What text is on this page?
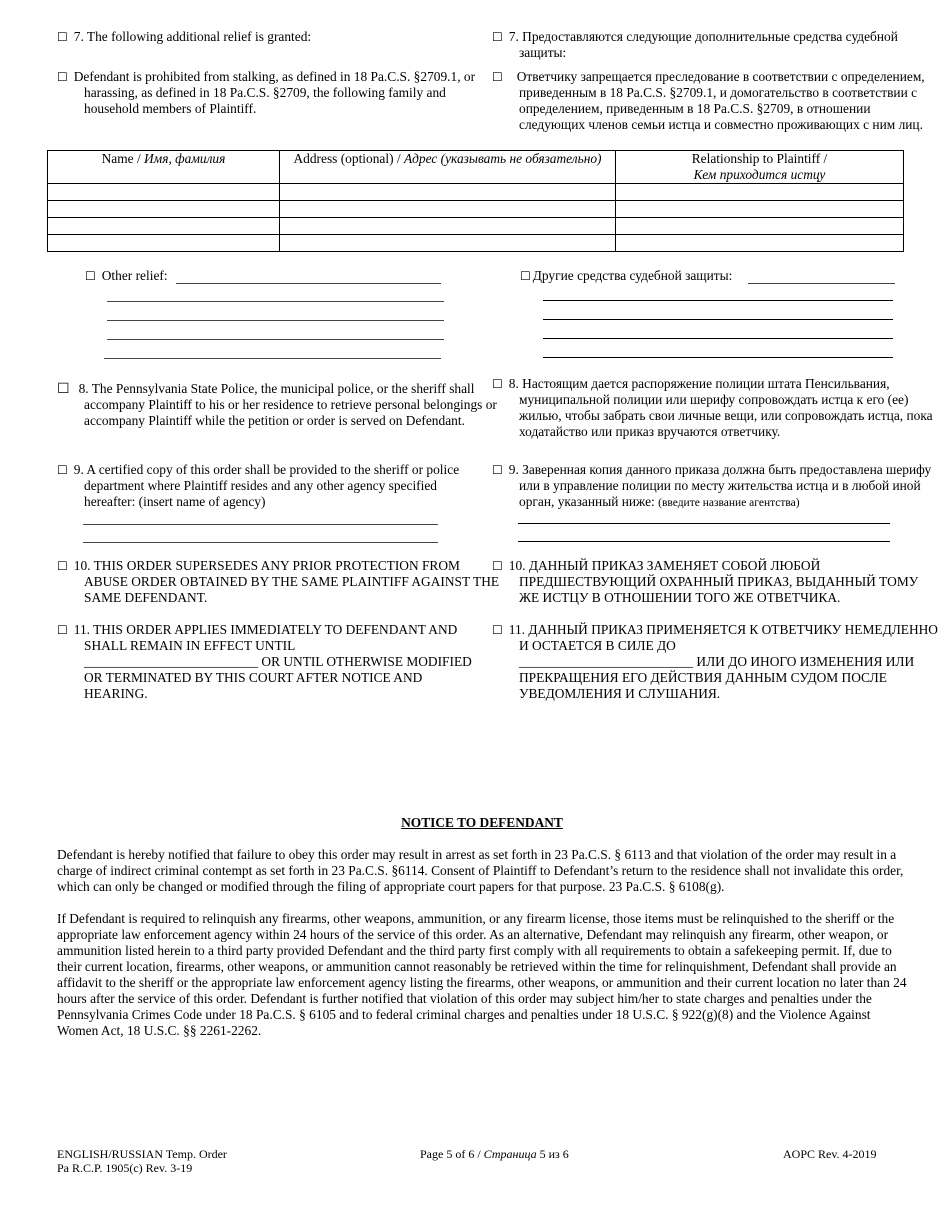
☐ 7. The following additional relief is granted:	☐ 7. Предоставляются следующие дополнительные средства судебной защиты:
☐ Defendant is prohibited from stalking, as defined in 18 Pa.C.S. §2709.1, or harassing, as defined in 18 Pa.C.S. §2709, the following family and household members of Plaintiff.
☐ Ответчику запрещается преследование в соответствии с определением, приведенным в 18 Pa.C.S. §2709.1, и домогательство в соответствии с определением, приведенным в 18 Pa.C.S. §2709, в отношении следующих членов семьи истца и совместно проживающих с ним лиц.
Name / Имя, фамилия	Address (optional) / Адрес (указывать не обязательно)	Relationship to Plaintiff /
Кем приходится истцу

☐ Other relief:	☐ Другие средства судебной защиты:
☐ 8. The Pennsylvania State Police, the municipal police, or the sheriff shall accompany Plaintiff to his or her residence to retrieve personal belongings or accompany Plaintiff while the petition or order is served on Defendant.
☐ 8. Настоящим дается распоряжение полиции штата Пенсильвания, муниципальной полиции или шерифу сопровождать истца к его (ее) жилью, чтобы забрать свои личные вещи, или сопровождать истца, пока ходатайство или приказ вручаются ответчику.
☐ 9. A certified copy of this order shall be provided to the sheriff or police department where Plaintiff resides and any other agency specified hereafter: (insert name of agency)
☐ 9. Заверенная копия данного приказа должна быть предоставлена шерифу или в управление полиции по месту жительства истца и в любой иной орган, указанный ниже: (введите название агентства)
☐ 10. THIS ORDER SUPERSEDES ANY PRIOR PROTECTION FROM ABUSE ORDER OBTAINED BY THE SAME PLAINTIFF AGAINST THE SAME DEFENDANT.
☐ 10. ДАННЫЙ ПРИКАЗ ЗАМЕНЯЕТ СОБОЙ ЛЮБОЙ ПРЕДШЕСТВУЮЩИЙ ОХРАННЫЙ ПРИКАЗ, ВЫДАННЫЙ ТОМУ ЖЕ ИСТЦУ В ОТНОШЕНИИ ТОГО ЖЕ ОТВЕТЧИКА.
☐ 11. THIS ORDER APPLIES IMMEDIATELY TO DEFENDANT AND SHALL REMAIN IN EFFECT UNTIL
__________________________ OR UNTIL OTHERWISE MODIFIED OR TERMINATED BY THIS COURT AFTER NOTICE AND HEARING.
☐ 11. ДАННЫЙ ПРИКАЗ ПРИМЕНЯЕТСЯ К ОТВЕТЧИКУ НЕМЕДЛЕННО И ОСТАЕТСЯ В СИЛЕ ДО
__________________________ ИЛИ ДО ИНОГО ИЗМЕНЕНИЯ ИЛИ ПРЕКРАЩЕНИЯ ЕГО ДЕЙСТВИЯ ДАННЫМ СУДОМ ПОСЛЕ УВЕДОМЛЕНИЯ И СЛУШАНИЯ.
NOTICE TO DEFENDANT
Defendant is hereby notified that failure to obey this order may result in arrest as set forth in 23 Pa.C.S. § 6113 and that violation of the order may result in a charge of indirect criminal contempt as set forth in 23 Pa.C.S. §6114. Consent of Plaintiff to Defendant’s return to the residence shall not invalidate this order, which can only be changed or modified through the filing of appropriate court papers for that purpose. 23 Pa.C.S. § 6108(g).
If Defendant is required to relinquish any firearms, other weapons, ammunition, or any firearm license, those items must be relinquished to the sheriff or the appropriate law enforcement agency within 24 hours of the service of this order. As an alternative, Defendant may relinquish any firearm, other weapon, or ammunition listed herein to a third party provided Defendant and the third party first comply with all requirements to obtain a safekeeping permit. If, due to their current location, firearms, other weapons, or ammunition cannot reasonably be retrieved within the time for relinquishment, Defendant shall provide an affidavit to the sheriff or the appropriate law enforcement agency listing the firearms, other weapons, or ammunition and their current location no later than 24 hours after the service of this order. Defendant is further notified that violation of this order may subject him/her to state charges and penalties under the Pennsylvania Crimes Code under 18 Pa.C.S. § 6105 and to federal criminal charges and penalties under 18 U.S.C. § 922(g)(8) and the Violence Against Women Act, 18 U.S.C. §§ 2261-2262.
ENGLISH/RUSSIAN Temp. Order
Pa R.C.P. 1905(c) Rev. 3-19
Page 5 of 6 / Страница 5 из 6	AOPC Rev. 4-2019
